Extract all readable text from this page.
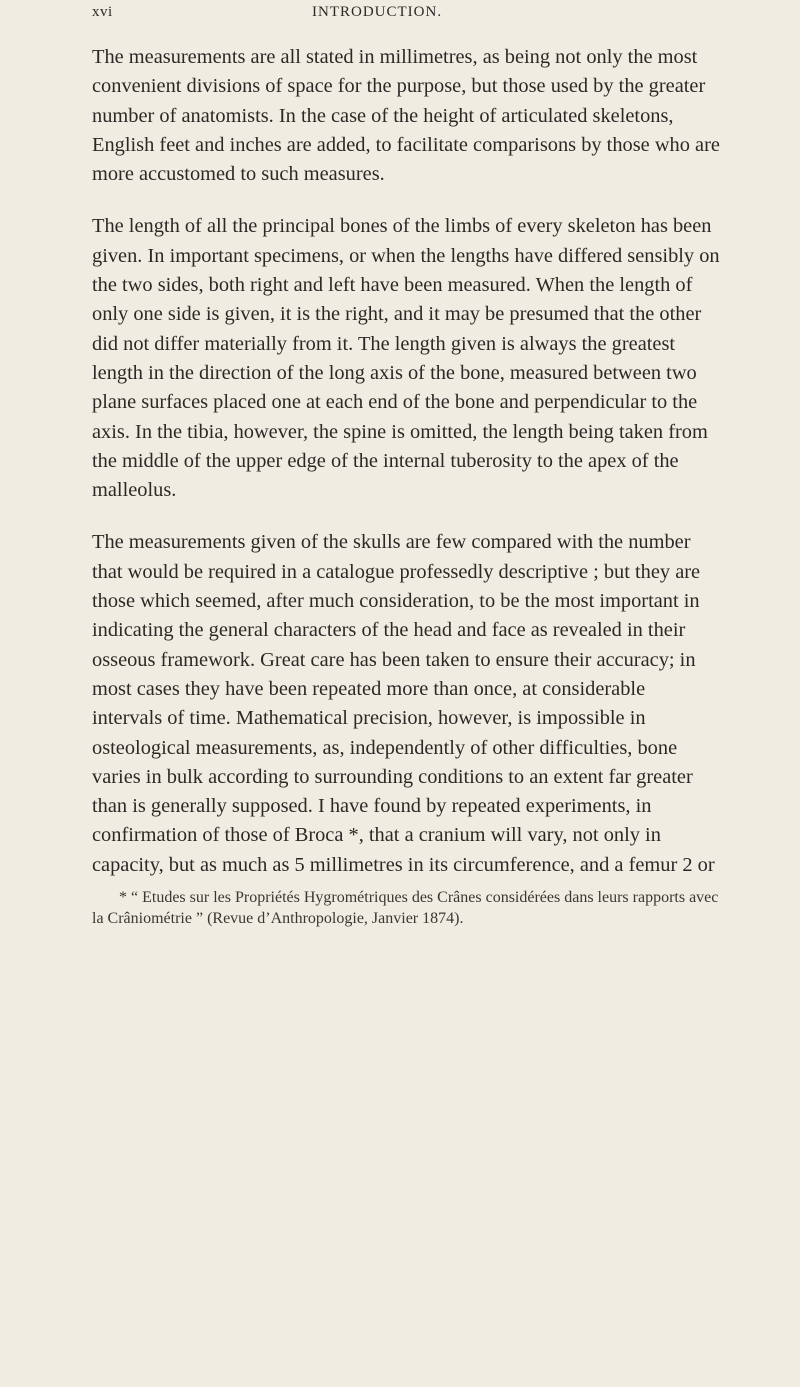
xvi	INTRODUCTION.

The measurements are all stated in millimetres, as being not only the most convenient divisions of space for the purpose, but those used by the greater number of anatomists. In the case of the height of articulated skeletons, English feet and inches are added, to facilitate comparisons by those who are more accustomed to such measures.

The length of all the principal bones of the limbs of every skeleton has been given. In important specimens, or when the lengths have differed sensibly on the two sides, both right and left have been measured. When the length of only one side is given, it is the right, and it may be presumed that the other did not differ materially from it. The length given is always the greatest length in the direction of the long axis of the bone, measured between two plane surfaces placed one at each end of the bone and perpendicular to the axis. In the tibia, however, the spine is omitted, the length being taken from the middle of the upper edge of the internal tuberosity to the apex of the malleolus.

The measurements given of the skulls are few compared with the number that would be required in a catalogue professedly descriptive ; but they are those which seemed, after much consideration, to be the most important in indicating the general characters of the head and face as revealed in their osseous framework. Great care has been taken to ensure their accuracy; in most cases they have been repeated more than once, at considerable intervals of time. Mathematical precision, however, is impossible in osteological measurements, as, independently of other difficulties, bone varies in bulk according to surrounding conditions to an extent far greater than is generally supposed. I have found by repeated experiments, in confirmation of those of Broca *, that a cranium will vary, not only in capacity, but as much as 5 millimetres in its circumference, and a femur 2 or

* “ Etudes sur les Propriétés Hygrométriques des Crânes considérées dans leurs rapports avec la Crâniométrie ” (Revue d’Anthropologie, Janvier 1874).
